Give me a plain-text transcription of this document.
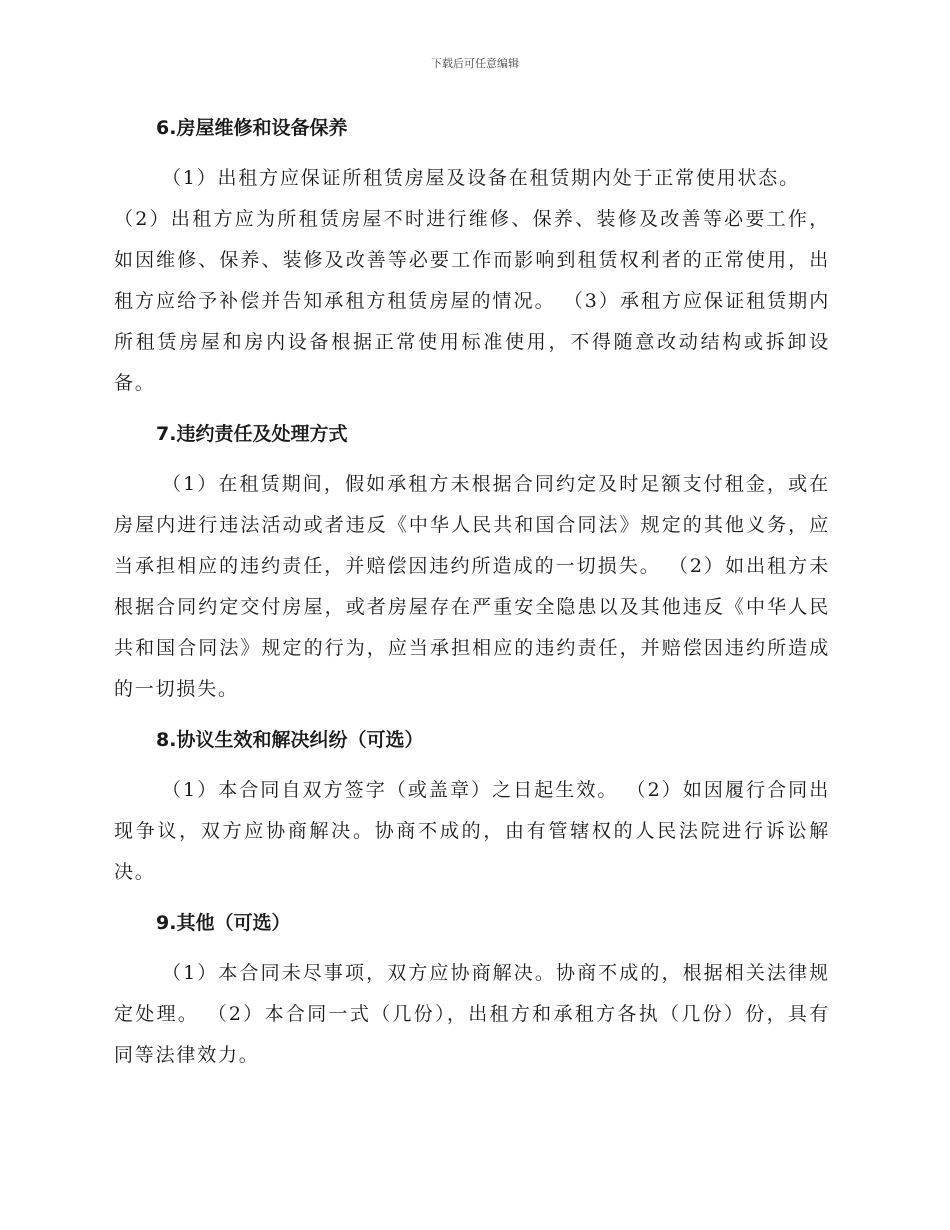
下载后可任意编辑
6.房屋维修和设备保养
（1）出租方应保证所租赁房屋及设备在租赁期内处于正常使用状态。
（2）出租方应为所租赁房屋不时进行维修、保养、装修及改善等必要工作，如因维修、保养、装修及改善等必要工作而影响到租赁权利者的正常使用，出租方应给予补偿并告知承租方租赁房屋的情况。 （3）承租方应保证租赁期内所租赁房屋和房内设备根据正常使用标准使用，不得随意改动结构或拆卸设备。
7.违约责任及处理方式
（1）在租赁期间，假如承租方未根据合同约定及时足额支付租金，或在房屋内进行违法活动或者违反《中华人民共和国合同法》规定的其他义务，应当承担相应的违约责任，并赔偿因违约所造成的一切损失。 （2）如出租方未根据合同约定交付房屋，或者房屋存在严重安全隐患以及其他违反《中华人民共和国合同法》规定的行为，应当承担相应的违约责任，并赔偿因违约所造成的一切损失。
8.协议生效和解决纠纷（可选）
（1）本合同自双方签字（或盖章）之日起生效。 （2）如因履行合同出现争议，双方应协商解决。协商不成的，由有管辖权的人民法院进行诉讼解决。
9.其他（可选）
（1）本合同未尽事项，双方应协商解决。协商不成的，根据相关法律规定处理。 （2）本合同一式（几份），出租方和承租方各执（几份）份，具有同等法律效力。
